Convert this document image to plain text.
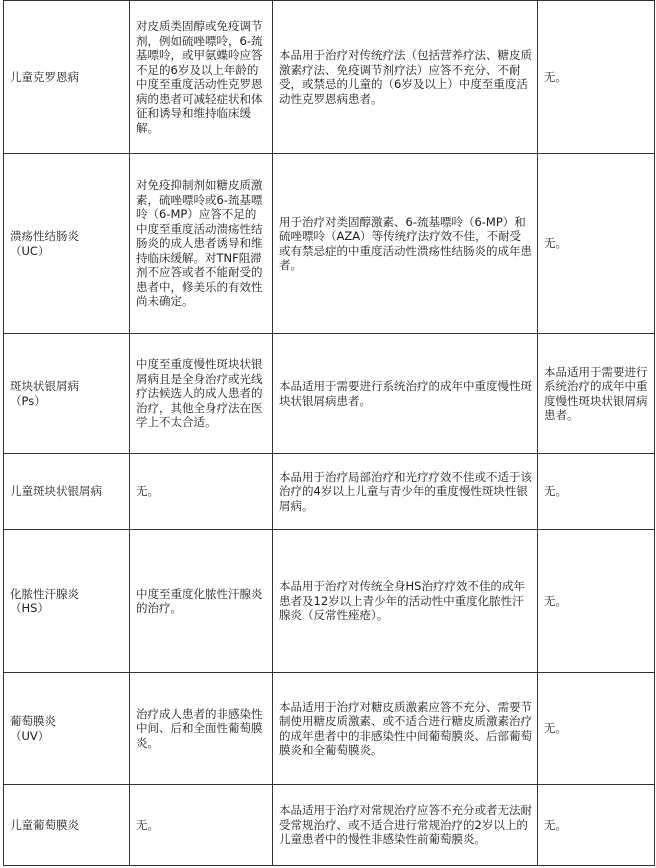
儿童克罗恩病	对皮质类固醇或免疫调节剂，例如硫唑嘌呤，6-巯基嘌呤，或甲氨蝶呤应答不足的6岁及以上年龄的中度至重度活动性克罗恩病的患者可减轻症状和体征和诱导和维持临床缓解。	本品用于治疗对传统疗法（包括营养疗法、糖皮质激素疗法、免疫调节剂疗法）应答不充分、不耐受，或禁忌的儿童的（6岁及以上）中度至重度活动性克罗恩病患者。	无。

溃疡性结肠炎
（UC）	对免疫抑制剂如糖皮质激素，硫唑嘌呤或6-巯基嘌呤（6-MP）应答不足的中度至重度活动溃疡性结肠炎的成人患者诱导和维持临床缓解。对TNF阻滞剂不应答或者不能耐受的患者中，修美乐的有效性尚未确定。	用于治疗对类固醇激素、6-巯基嘌呤（6-MP）和硫唑嘌呤（AZA）等传统疗法疗效不佳，不耐受或有禁忌症的中重度活动性溃疡性结肠炎的成年患者。	无。

斑块状银屑病
（Ps）	中度至重度慢性斑块状银屑病且是全身治疗或光线疗法候选人的成人患者的治疗，其他全身疗法在医学上不太合适。	本品适用于需要进行系统治疗的成年中重度慢性斑块状银屑病患者。	本品适用于需要进行系统治疗的成年中重度慢性斑块状银屑病患者。

儿童斑块状银屑病	无。	本品用于治疗局部治疗和光疗疗效不佳或不适于该治疗的4岁以上儿童与青少年的重度慢性斑块性银屑病。	无。

化脓性汗腺炎
（HS）	中度至重度化脓性汗腺炎的治疗。	本品用于治疗对传统全身HS治疗疗效不佳的成年患者及12岁以上青少年的活动性中重度化脓性汗腺炎（反常性痤疮）。	无。

葡萄膜炎
（UV）	治疗成人患者的非感染性中间、后和全面性葡萄膜炎。	本品适用于治疗对糖皮质激素应答不充分、需要节制使用糖皮质激素、或不适合进行糖皮质激素治疗的成年患者中的非感染性中间葡萄膜炎、后部葡萄膜炎和全葡萄膜炎。	无。

儿童葡萄膜炎	无。	本品适用于治疗对常规治疗应答不充分或者无法耐受常规治疗、或不适合进行常规治疗的2岁以上的儿童患者中的慢性非感染性前葡萄膜炎。	无。
